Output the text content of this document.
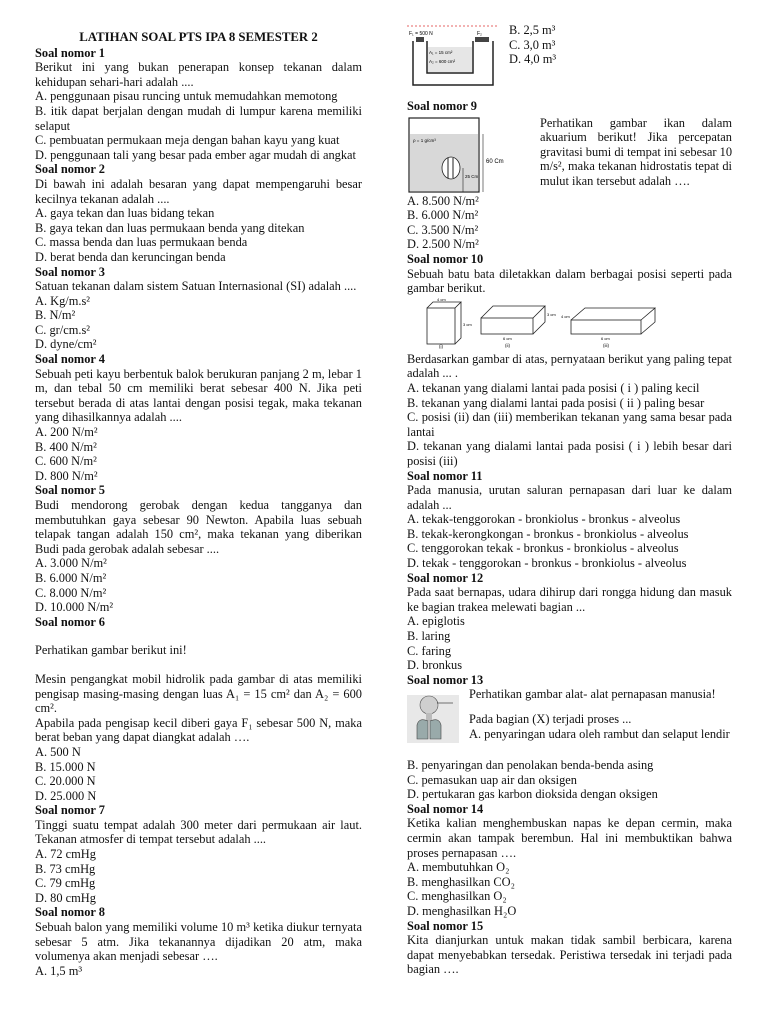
LATIHAN SOAL PTS IPA 8 SEMESTER 2
Soal nomor 1
Berikut ini yang bukan penerapan konsep tekanan dalam kehidupan sehari-hari adalah ....
A. penggunaan pisau runcing untuk memudahkan memotong
B. itik dapat berjalan dengan mudah di lumpur karena memiliki selaput
C. pembuatan permukaan meja dengan bahan kayu yang kuat
D. penggunaan tali yang besar pada ember agar mudah di angkat
Soal nomor 2
Di bawah ini adalah besaran yang dapat mempengaruhi besar kecilnya tekanan adalah ....
A. gaya tekan dan luas bidang tekan
B. gaya tekan dan luas permukaan benda yang ditekan
C. massa benda dan luas permukaan benda
D. berat benda dan keruncingan benda
Soal nomor 3
Satuan tekanan dalam sistem Satuan Internasional (SI) adalah ....
A. Kg/m.s²
B. N/m²
C. gr/cm.s²
D. dyne/cm²
Soal nomor 4
Sebuah peti kayu berbentuk balok berukuran panjang 2 m, lebar 1 m, dan tebal 50 cm memiliki berat sebesar 400 N. Jika peti tersebut berada di atas lantai dengan posisi tegak, maka tekanan yang dihasilkannya adalah ....
A. 200 N/m²
B. 400 N/m²
C. 600 N/m²
D. 800 N/m²
Soal nomor 5
Budi mendorong gerobak dengan kedua tangganya dan membutuhkan gaya sebesar 90 Newton. Apabila luas sebuah telapak tangan adalah 150 cm², maka tekanan yang diberikan Budi pada gerobak adalah sebesar ....
A. 3.000 N/m²
B. 6.000 N/m²
C. 8.000 N/m²
D. 10.000 N/m²
Soal nomor 6
Perhatikan gambar berikut ini!
Mesin pengangkat mobil hidrolik pada gambar di atas memiliki pengisap masing-masing dengan luas A₁ = 15 cm² dan A₂ = 600 cm².
Apabila pada pengisap kecil diberi gaya F₁ sebesar 500 N, maka berat beban yang dapat diangkat adalah ….
A. 500 N
B. 15.000 N
C. 20.000 N
D. 25.000 N
Soal nomor 7
Tinggi suatu tempat adalah 300 meter dari permukaan air laut. Tekanan atmosfer di tempat tersebut adalah ....
A. 72 cmHg
B. 73 cmHg
C. 79 cmHg
D. 80 cmHg
Soal nomor 8
Sebuah balon yang memiliki volume 10 m³ ketika diukur ternyata sebesar 5 atm. Jika tekanannya dijadikan 20 atm, maka volumenya akan menjadi sebesar ….
A. 1,5 m³
F₁ = 500 N	F₂
A₁ = 15 cm²
A₂ = 600 cm²
B. 2,5 m³
C. 3,0 m³
D. 4,0 m³
Soal nomor 9
ρ = 1 g/cm³
60 Cm
25 Cm
Perhatikan gambar ikan dalam akuarium berikut! Jika percepatan gravitasi bumi di tempat ini sebesar 10 m/s², maka tekanan hidrostatis tepat di mulut ikan tersebut adalah ….
A. 8.500 N/m²
B. 6.000 N/m²
C. 3.500 N/m²
D. 2.500 N/m²
Soal nomor 10
Sebuah batu bata diletakkan dalam berbagai posisi seperti pada gambar berikut.
4 cm
3 cm
(i)
6 cm
3 cm
(ii)
4 cm
6 cm
(iii)
Berdasarkan gambar di atas, pernyataan berikut yang paling tepat adalah ... .
A. tekanan yang dialami lantai pada posisi ( i ) paling kecil
B. tekanan yang dialami lantai pada posisi ( ii ) paling besar
C. posisi (ii) dan (iii) memberikan tekanan yang sama besar pada lantai
D. tekanan yang dialami lantai pada posisi ( i ) lebih besar dari posisi (iii)
Soal nomor 11
Pada manusia, urutan saluran pernapasan dari luar ke dalam adalah ...
A. tekak-tenggorokan - bronkiolus - bronkus - alveolus
B. tekak-kerongkongan - bronkus - bronkiolus - alveolus
C. tenggorokan tekak - bronkus - bronkiolus - alveolus
D. tekak - tenggorokan - bronkus - bronkiolus - alveolus
Soal nomor 12
Pada saat bernapas, udara dihirup dari rongga hidung dan masuk ke bagian trakea melewati bagian ...
A. epiglotis
B. laring
C. faring
D. bronkus
Soal nomor 13
Perhatikan gambar alat- alat pernapasan manusia!
Pada bagian (X) terjadi proses ...
A. penyaringan udara oleh rambut dan selaput lendir
B. penyaringan dan penolakan benda-benda asing
C. pemasukan uap air dan oksigen
D. pertukaran gas karbon dioksida dengan oksigen
Soal nomor 14
Ketika kalian menghembuskan napas ke depan cermin, maka cermin akan tampak berembun. Hal ini membuktikan bahwa proses pernapasan ….
A. membutuhkan O₂
B. menghasilkan CO₂
C. menghasilkan O₂
D. menghasilkan H₂O
Soal nomor 15
Kita dianjurkan untuk makan tidak sambil berbicara, karena dapat menyebabkan tersedak. Peristiwa tersedak ini terjadi pada bagian ….
